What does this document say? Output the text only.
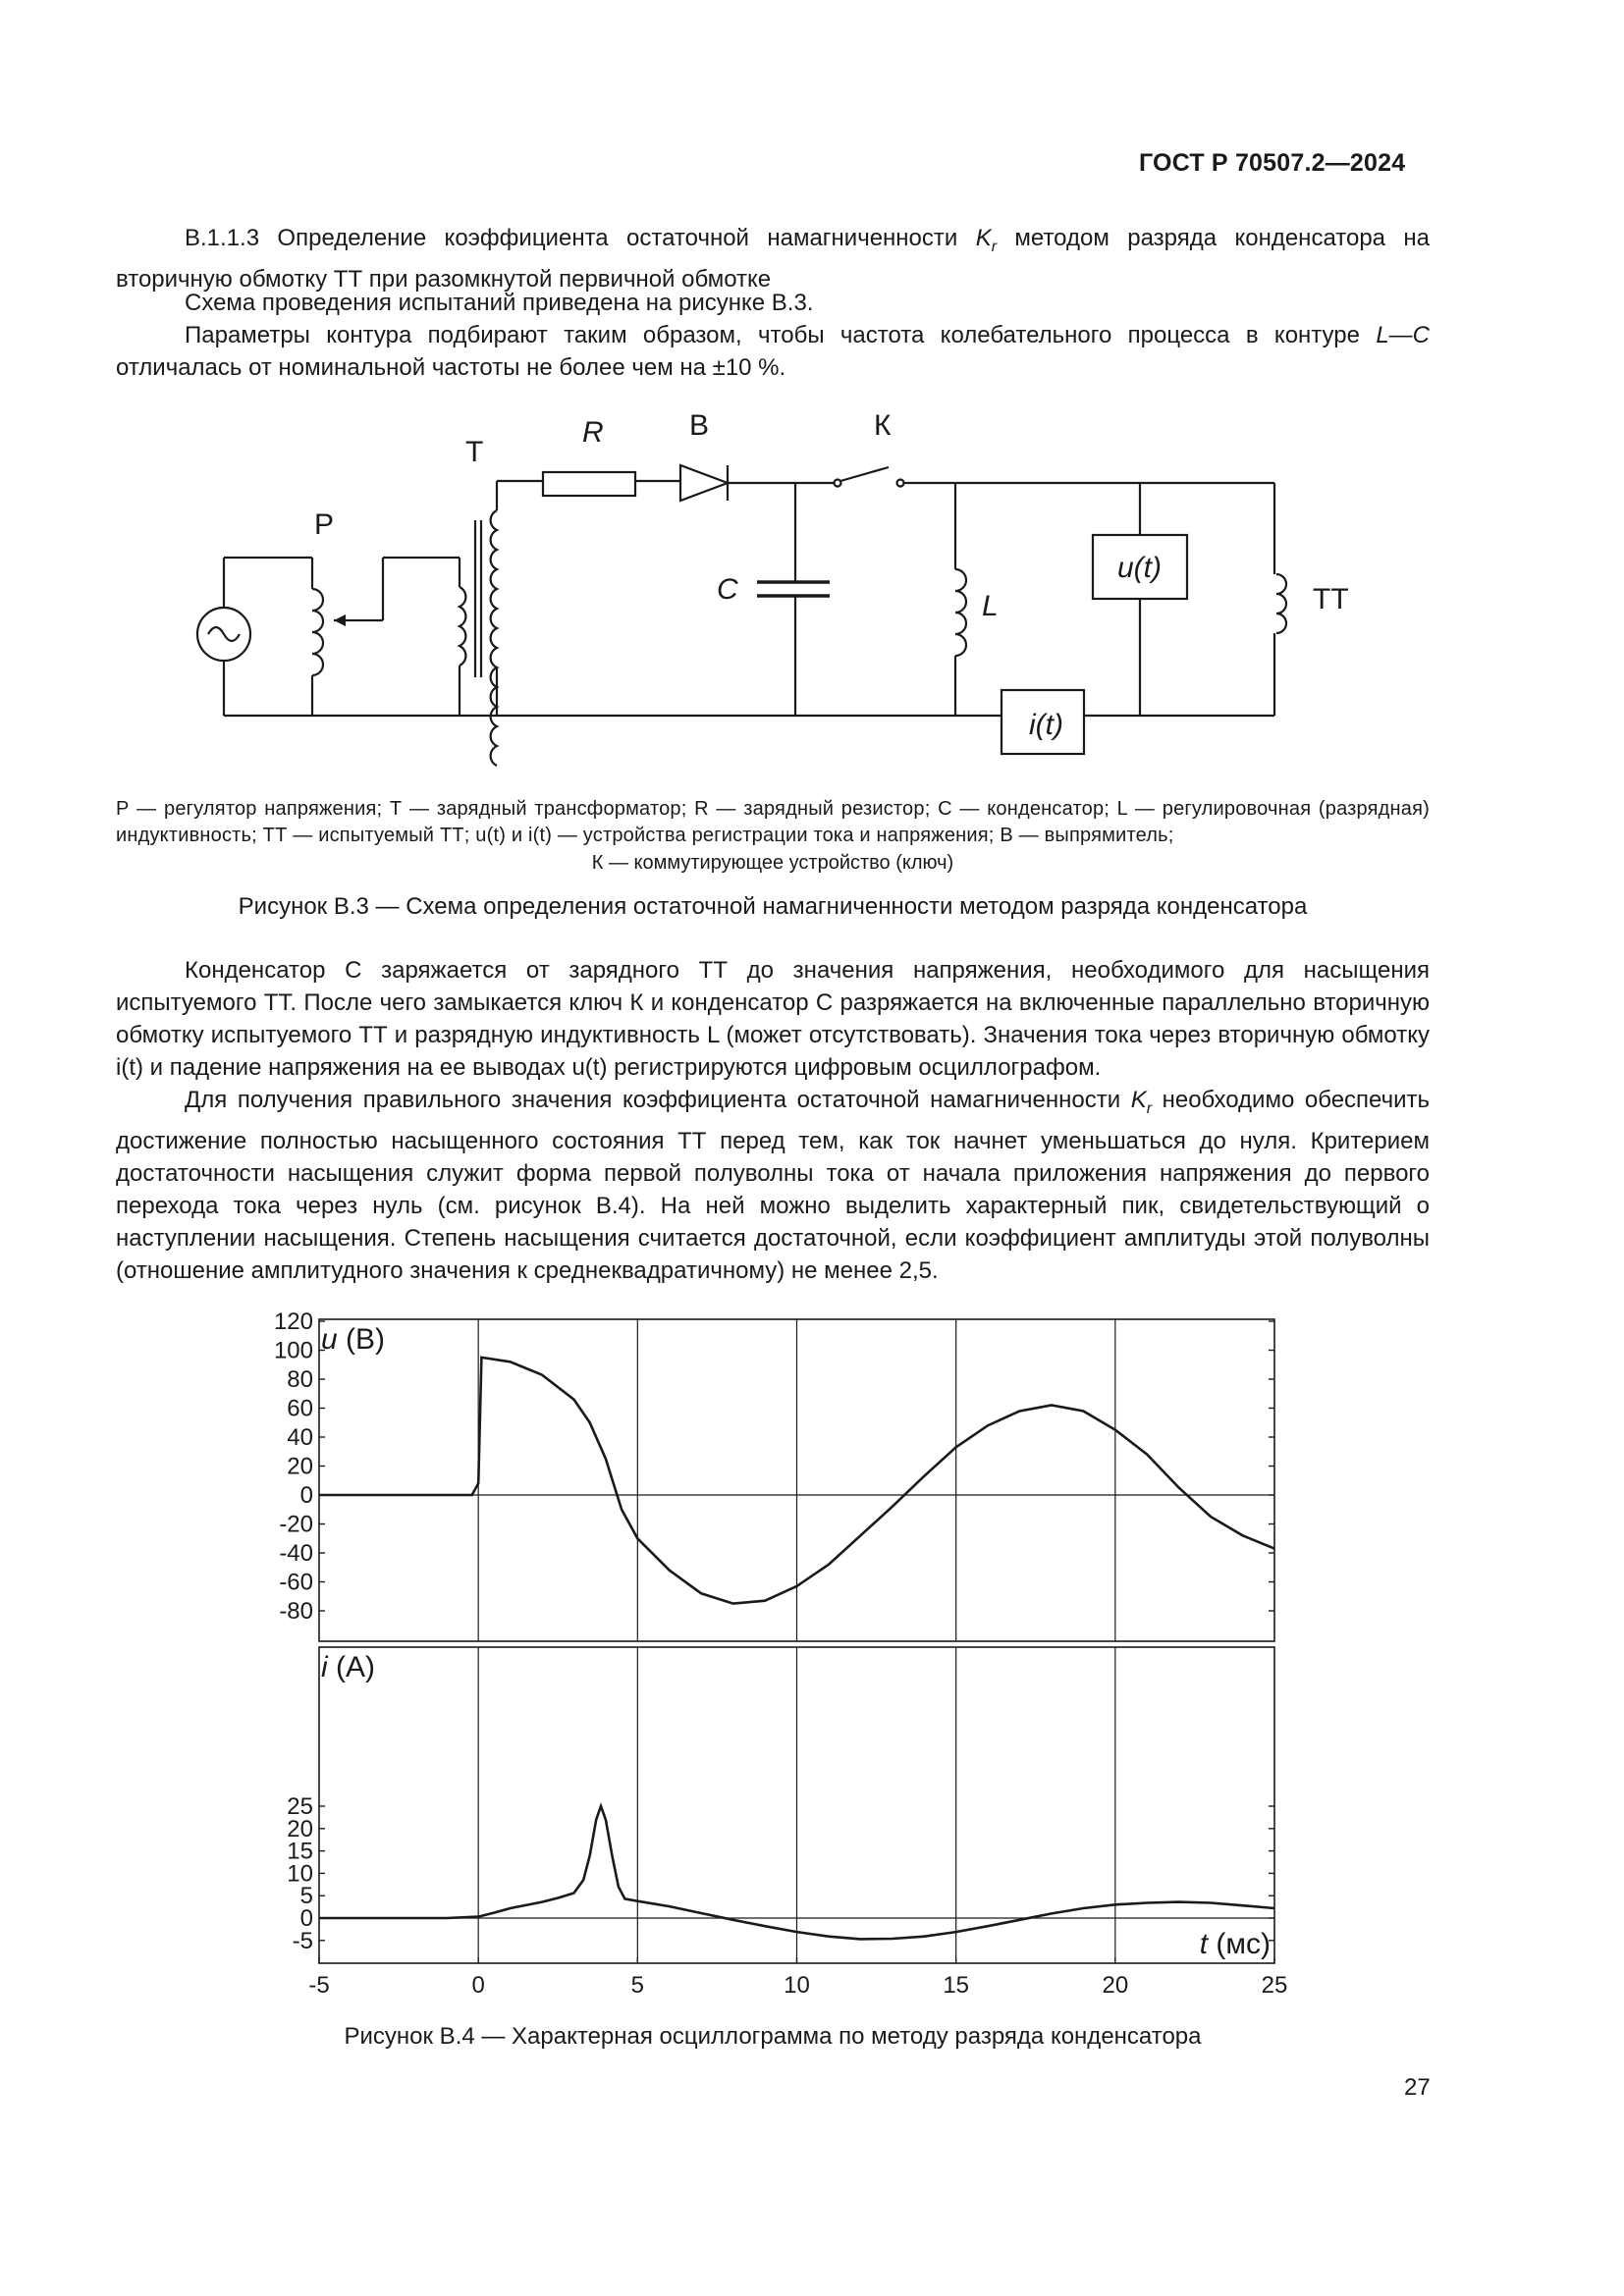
ГОСТ Р 70507.2—2024

В.1.1.3 Определение коэффициента остаточной намагниченности $K_r$ методом разряда конденсатора на вторичную обмотку ТТ при разомкнутой первичной обмотке

Схема проведения испытаний приведена на рисунке В.3.

Параметры контура подбирают таким образом, чтобы частота колебательного процесса в контуре L—C отличалась от номинальной частоты не более чем на ±10 %.

Р
Т
R	В	К
C
L
u(t)
i(t)
ТТ

Р — регулятор напряжения; Т — зарядный трансформатор; R — зарядный резистор; С — конденсатор; L — регулировочная (разрядная) индуктивность; ТТ — испытуемый ТТ; u(t) и i(t) — устройства регистрации тока и напряжения; В — выпрямитель;

К — коммутирующее устройство (ключ)

Рисунок В.3 — Схема определения остаточной намагниченности методом разряда конденсатора

Конденсатор С заряжается от зарядного ТТ до значения напряжения, необходимого для насыщения испытуемого ТТ. После чего замыкается ключ К и конденсатор С разряжается на включенные параллельно вторичную обмотку испытуемого ТТ и разрядную индуктивность L (может отсутствовать). Значения тока через вторичную обмотку i(t) и падение напряжения на ее выводах u(t) регистрируются цифровым осциллографом.

Для получения правильного значения коэффициента остаточной намагниченности $K_r$ необходимо обеспечить достижение полностью насыщенного состояния ТТ перед тем, как ток начнет уменьшаться до нуля. Критерием достаточности насыщения служит форма первой полуволны тока от начала приложения напряжения до первого перехода тока через нуль (см. рисунок В.4). На ней можно выделить характерный пик, свидетельствующий о наступлении насыщения. Степень насыщения считается достаточной, если коэффициент амплитуды этой полуволны (отношение амплитудного значения к среднеквадратичному) не менее 2,5.

120
100
80
60
40
20
0
-20
-40
-60
-80
u (В)
25
20
15
10
5
0
-5
i (А)
-5	0	5	10	15	20	25
t (мс)
Рисунок В.4 — Характерная осциллограмма по методу разряда конденсатора
27
